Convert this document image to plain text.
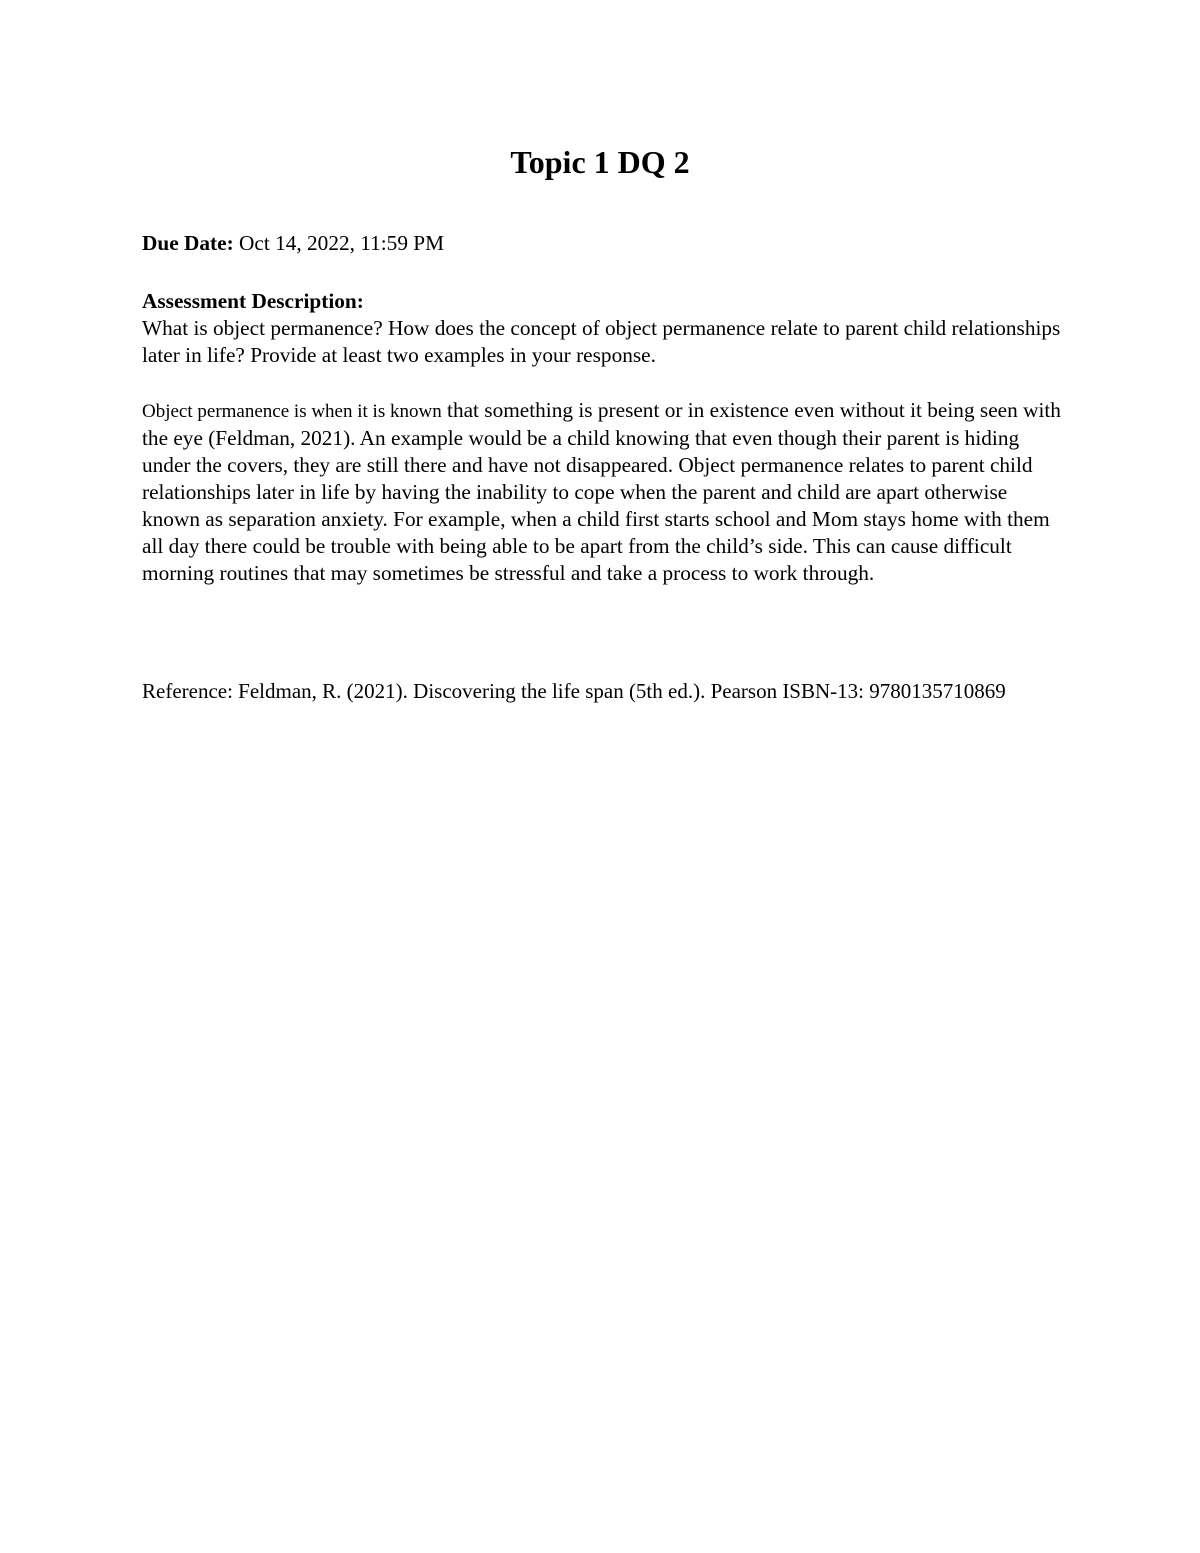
Topic 1 DQ 2

Due Date: Oct 14, 2022, 11:59 PM

Assessment Description:
What is object permanence? How does the concept of object permanence relate to parent child relationships later in life? Provide at least two examples in your response.

Object permanence is when it is known that something is present or in existence even without it being seen with the eye (Feldman, 2021). An example would be a child knowing that even though their parent is hiding under the covers, they are still there and have not disappeared. Object permanence relates to parent child relationships later in life by having the inability to cope when the parent and child are apart otherwise known as separation anxiety. For example, when a child first starts school and Mom stays home with them all day there could be trouble with being able to be apart from the child’s side. This can cause difficult morning routines that may sometimes be stressful and take a process to work through.

Reference: Feldman, R. (2021). Discovering the life span (5th ed.). Pearson ISBN-13: 9780135710869
